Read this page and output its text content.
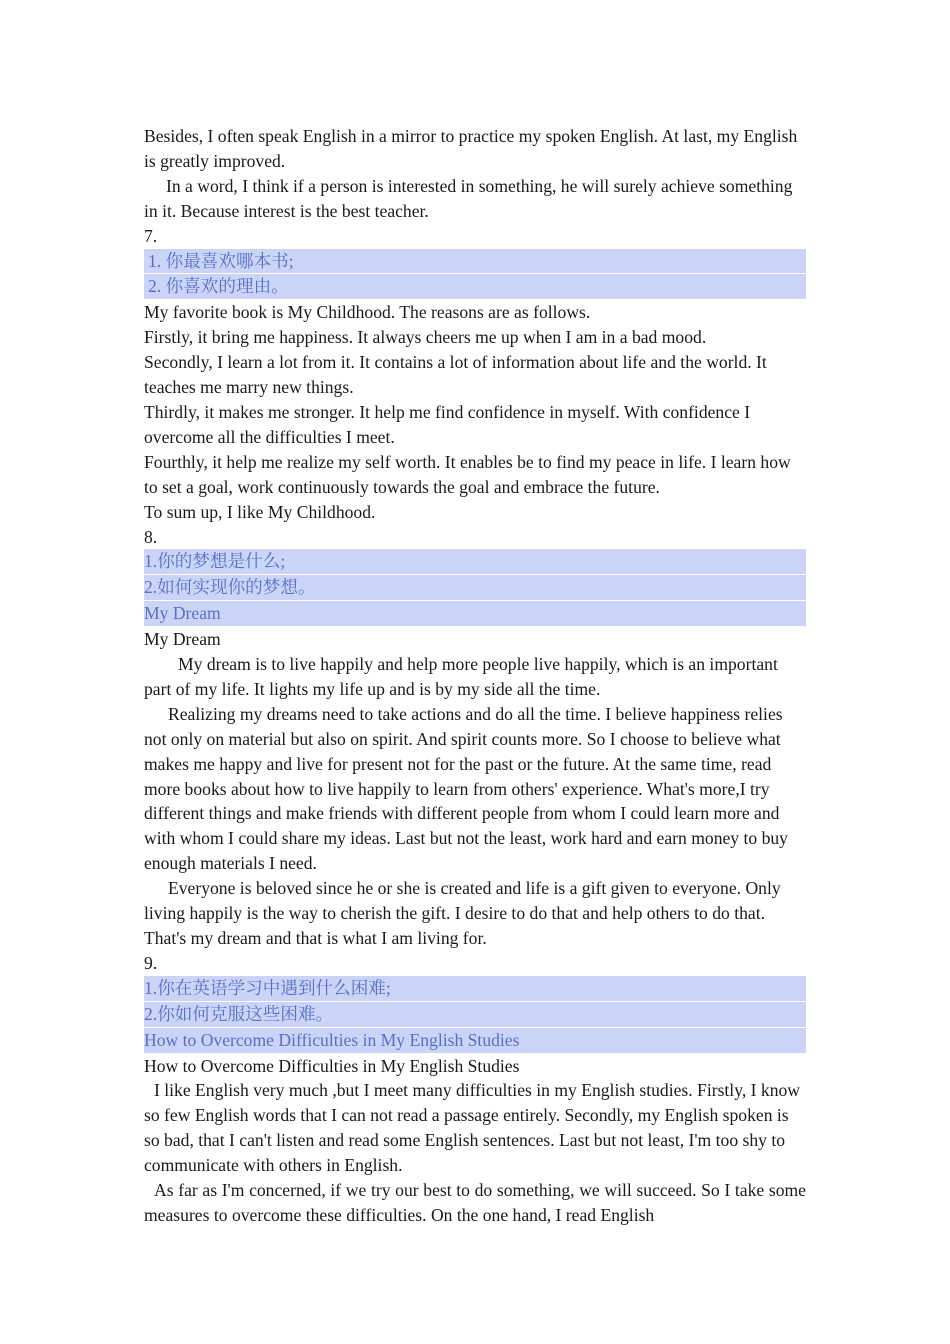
Besides, I often speak English in a mirror to practice my spoken English. At last, my English is greatly improved.

In a word, I think if a person is interested in something, he will surely achieve something in it. Because interest is the best teacher.

7.

1. 你最喜欢哪本书;

2. 你喜欢的理由。

My favorite book is My Childhood. The reasons are as follows.

Firstly, it bring me happiness. It always cheers me up when I am in a bad mood.

Secondly, I learn a lot from it. It contains a lot of information about life and the world. It teaches me marry new things.

Thirdly, it makes me stronger. It help me find confidence in myself. With confidence I overcome all the difficulties I meet.

Fourthly, it help me realize my self worth. It enables be to find my peace in life. I learn how to set a goal, work continuously towards the goal and embrace the future.

To sum up, I like My Childhood.

8.

1.你的梦想是什么;

2.如何实现你的梦想。

My Dream

My Dream

My dream is to live happily and help more people live happily, which is an important part of my life. It lights my life up and is by my side all the time.

Realizing my dreams need to take actions and do all the time. I believe happiness relies not only on material but also on spirit. And spirit counts more. So I choose to believe what makes me happy and live for present not for the past or the future. At the same time, read more books about how to live happily to learn from others' experience. What's more,I try different things and make friends with different people from whom I could learn more and with whom I could share my ideas. Last but not the least, work hard and earn money to buy enough materials I need.

Everyone is beloved since he or she is created and life is a gift given to everyone. Only living happily is the way to cherish the gift. I desire to do that and help others to do that. That's my dream and that is what I am living for.

9.

1.你在英语学习中遇到什么困难;

2.你如何克服这些困难。

How to Overcome Difficulties in My English Studies

How to Overcome Difficulties in My English Studies

I like English very much ,but I meet many difficulties in my English studies. Firstly, I know so few English words that I can not read a passage entirely. Secondly, my English spoken is so bad, that I can't listen and read some English sentences. Last but not least, I'm too shy to communicate with others in English.

As far as I'm concerned, if we try our best to do something, we will succeed. So I take some measures to overcome these difficulties. On the one hand, I read English
